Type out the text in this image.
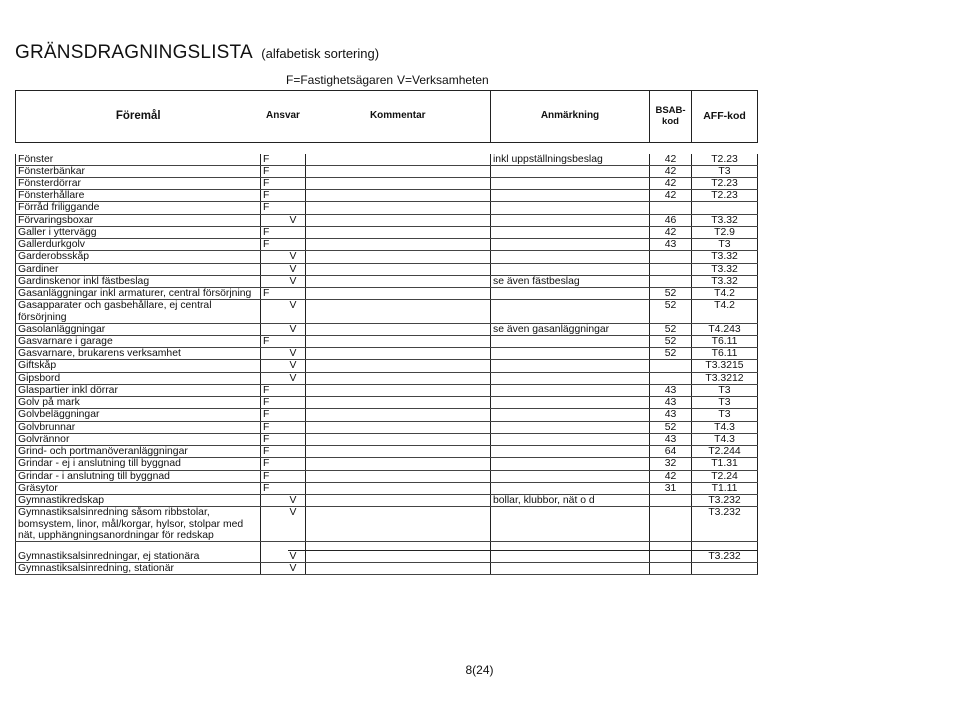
GRÄNSDRAGNINGSLISTA (alfabetisk sortering)
F=Fastighetsägaren V=Verksamheten
Föremål	Ansvar		Kommentar	Anmärkning	BSAB-
kod	AFF-kod

Fönster	F			inkl uppställningsbeslag	42	T2.23
Fönsterbänkar	F				42	T3
Fönsterdörrar	F				42	T2.23
Fönsterhållare	F				42	T2.23
Förråd friliggande	F					
Förvaringsboxar		V			46	T3.32
Galler i yttervägg	F				42	T2.9
Gallerdurkgolv	F				43	T3
Garderobsskåp		V				T3.32
Gardiner		V				T3.32
Gardinskenor inkl fästbeslag		V		se även fästbeslag		T3.32
Gasanläggningar inkl armaturer, central försörjning	F				52	T4.2
Gasapparater och gasbehållare, ej central försörjning		V			52	T4.2
Gasolanläggningar		V		se även gasanläggningar	52	T4.243
Gasvarnare i garage	F				52	T6.11
Gasvarnare, brukarens verksamhet		V			52	T6.11
Giftskåp		V				T3.3215
Gipsbord		V				T3.3212
Glaspartier inkl dörrar	F				43	T3
Golv på mark	F				43	T3
Golvbeläggningar	F				43	T3
Golvbrunnar	F				52	T4.3
Golvrännor	F				43	T4.3
Grind- och portmanöveranläggningar	F				64	T2.244
Grindar - ej i anslutning till byggnad	F				32	T1.31
Grindar - i anslutning till byggnad	F				42	T2.24
Gräsytor	F				31	T1.11
Gymnastikredskap		V		bollar, klubbor, nät o d		T3.232
Gymnastiksalsinredning såsom ribbstolar, bomsystem, linor, mål/korgar, hylsor, stolpar med nät, upphängningsanordningar för redskap		V				T3.232

Gymnastiksalsinredningar, ej stationära		V				T3.232
Gymnastiksalsinredning, stationär		V				
8(24)
